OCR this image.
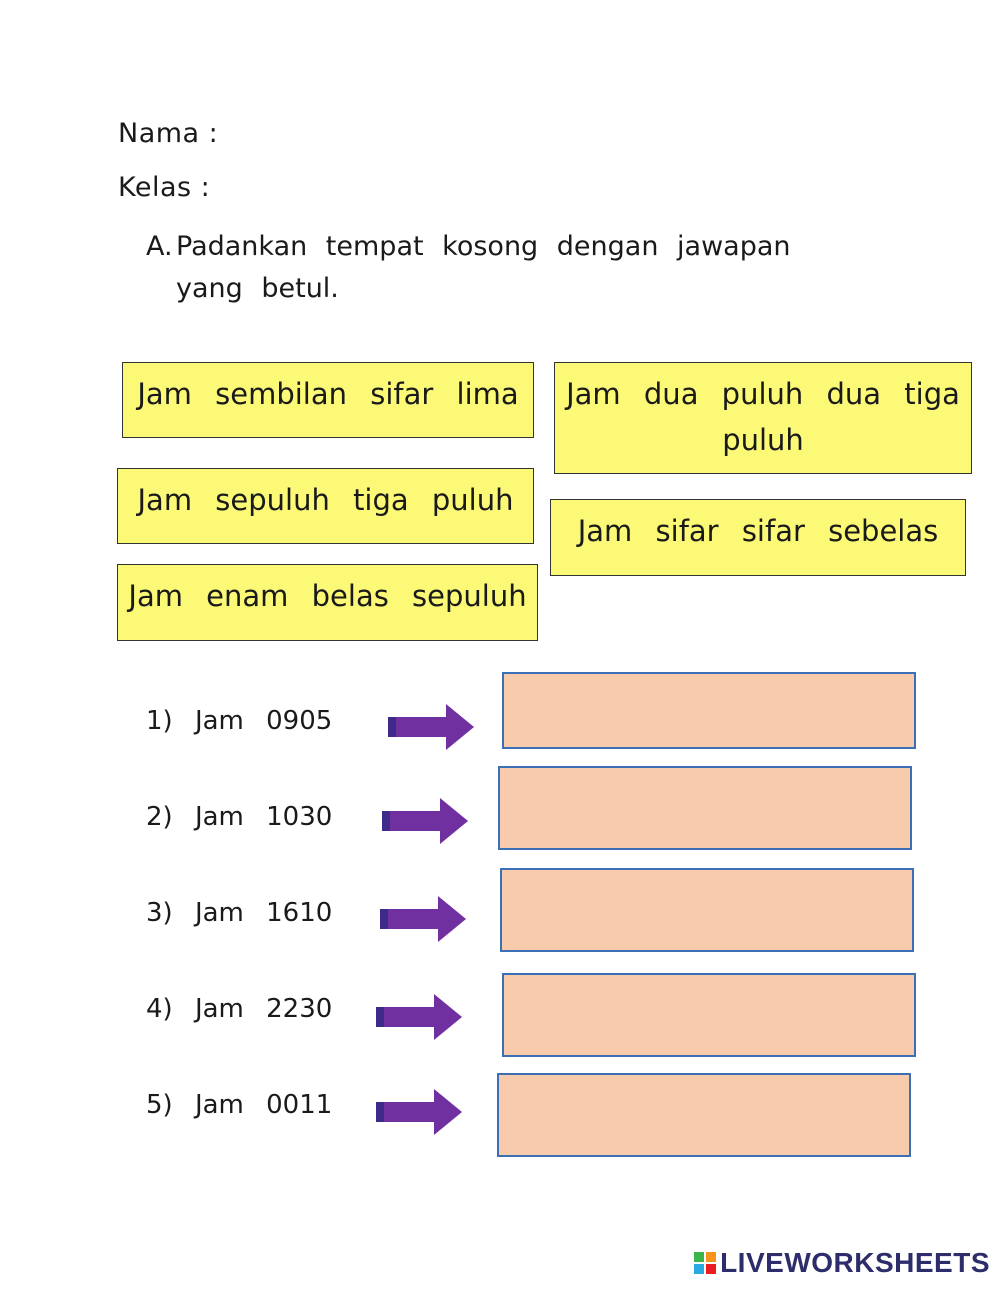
Nama :
Kelas :
A. Padankan tempat kosong dengan jawapan yang betul.
Jam sembilan sifar lima	Jam dua puluh dua tiga puluh
Jam sepuluh tiga puluh
Jam sifar sifar sebelas
Jam enam belas sepuluh
1) Jam 0905
2) Jam 1030
3) Jam 1610
4) Jam 2230
5) Jam 0011
LIVEWORKSHEETS
